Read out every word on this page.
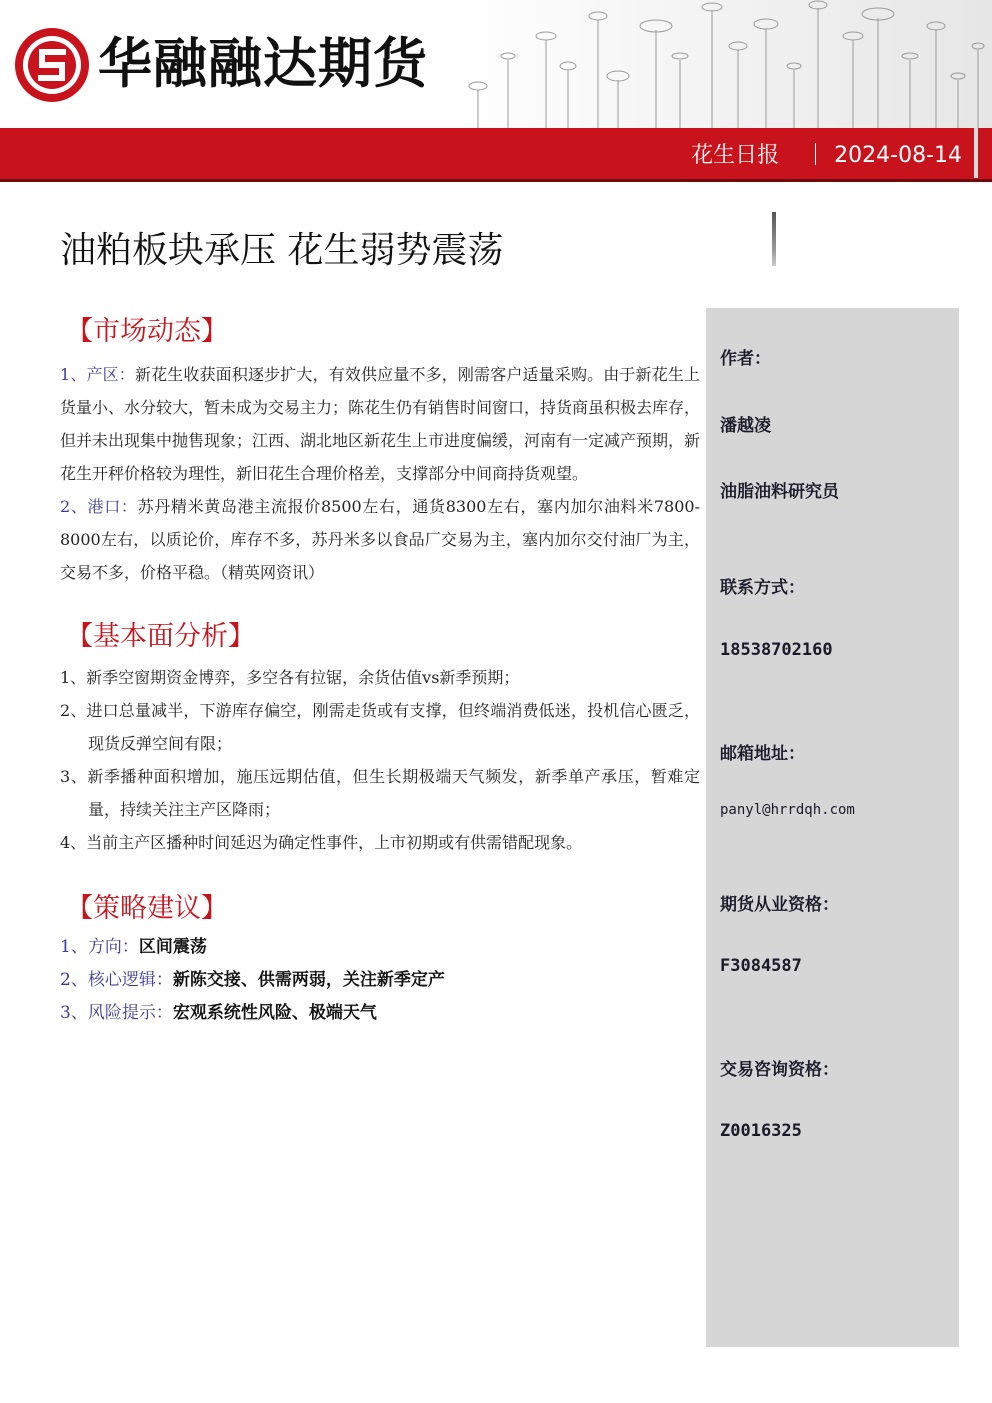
华融融达期货
花生日报	2024-08-14
油粕板块承压 花生弱势震荡
【市场动态】

1、产区：新花生收获面积逐步扩大，有效供应量不多，刚需客户适量采购。由于新花生上货量小、水分较大，暂未成为交易主力；陈花生仍有销售时间窗口，持货商虽积极去库存，但并未出现集中抛售现象；江西、湖北地区新花生上市进度偏缓，河南有一定减产预期，新花生开秤价格较为理性，新旧花生合理价格差，支撑部分中间商持货观望。

2、港口：苏丹精米黄岛港主流报价8500左右，通货8300左右，塞内加尔油料米7800-8000左右，以质论价，库存不多，苏丹米多以食品厂交易为主，塞内加尔交付油厂为主，交易不多，价格平稳。（精英网资讯）

【基本面分析】
1、新季空窗期资金博弈，多空各有拉锯，余货估值vs新季预期；
2、进口总量减半，下游库存偏空，刚需走货或有支撑，但终端消费低迷，投机信心匮乏，现货反弹空间有限；
3、新季播种面积增加，施压远期估值，但生长期极端天气频发，新季单产承压，暂难定量，持续关注主产区降雨；
4、当前主产区播种时间延迟为确定性事件，上市初期或有供需错配现象。
【策略建议】
1、方向：区间震荡
2、核心逻辑：新陈交接、供需两弱，关注新季定产
3、风险提示：宏观系统性风险、极端天气
作者：
潘越凌
油脂油料研究员
联系方式：
18538702160
邮箱地址：
panyl@hrrdqh.com
期货从业资格：
F3084587
交易咨询资格：
Z0016325
